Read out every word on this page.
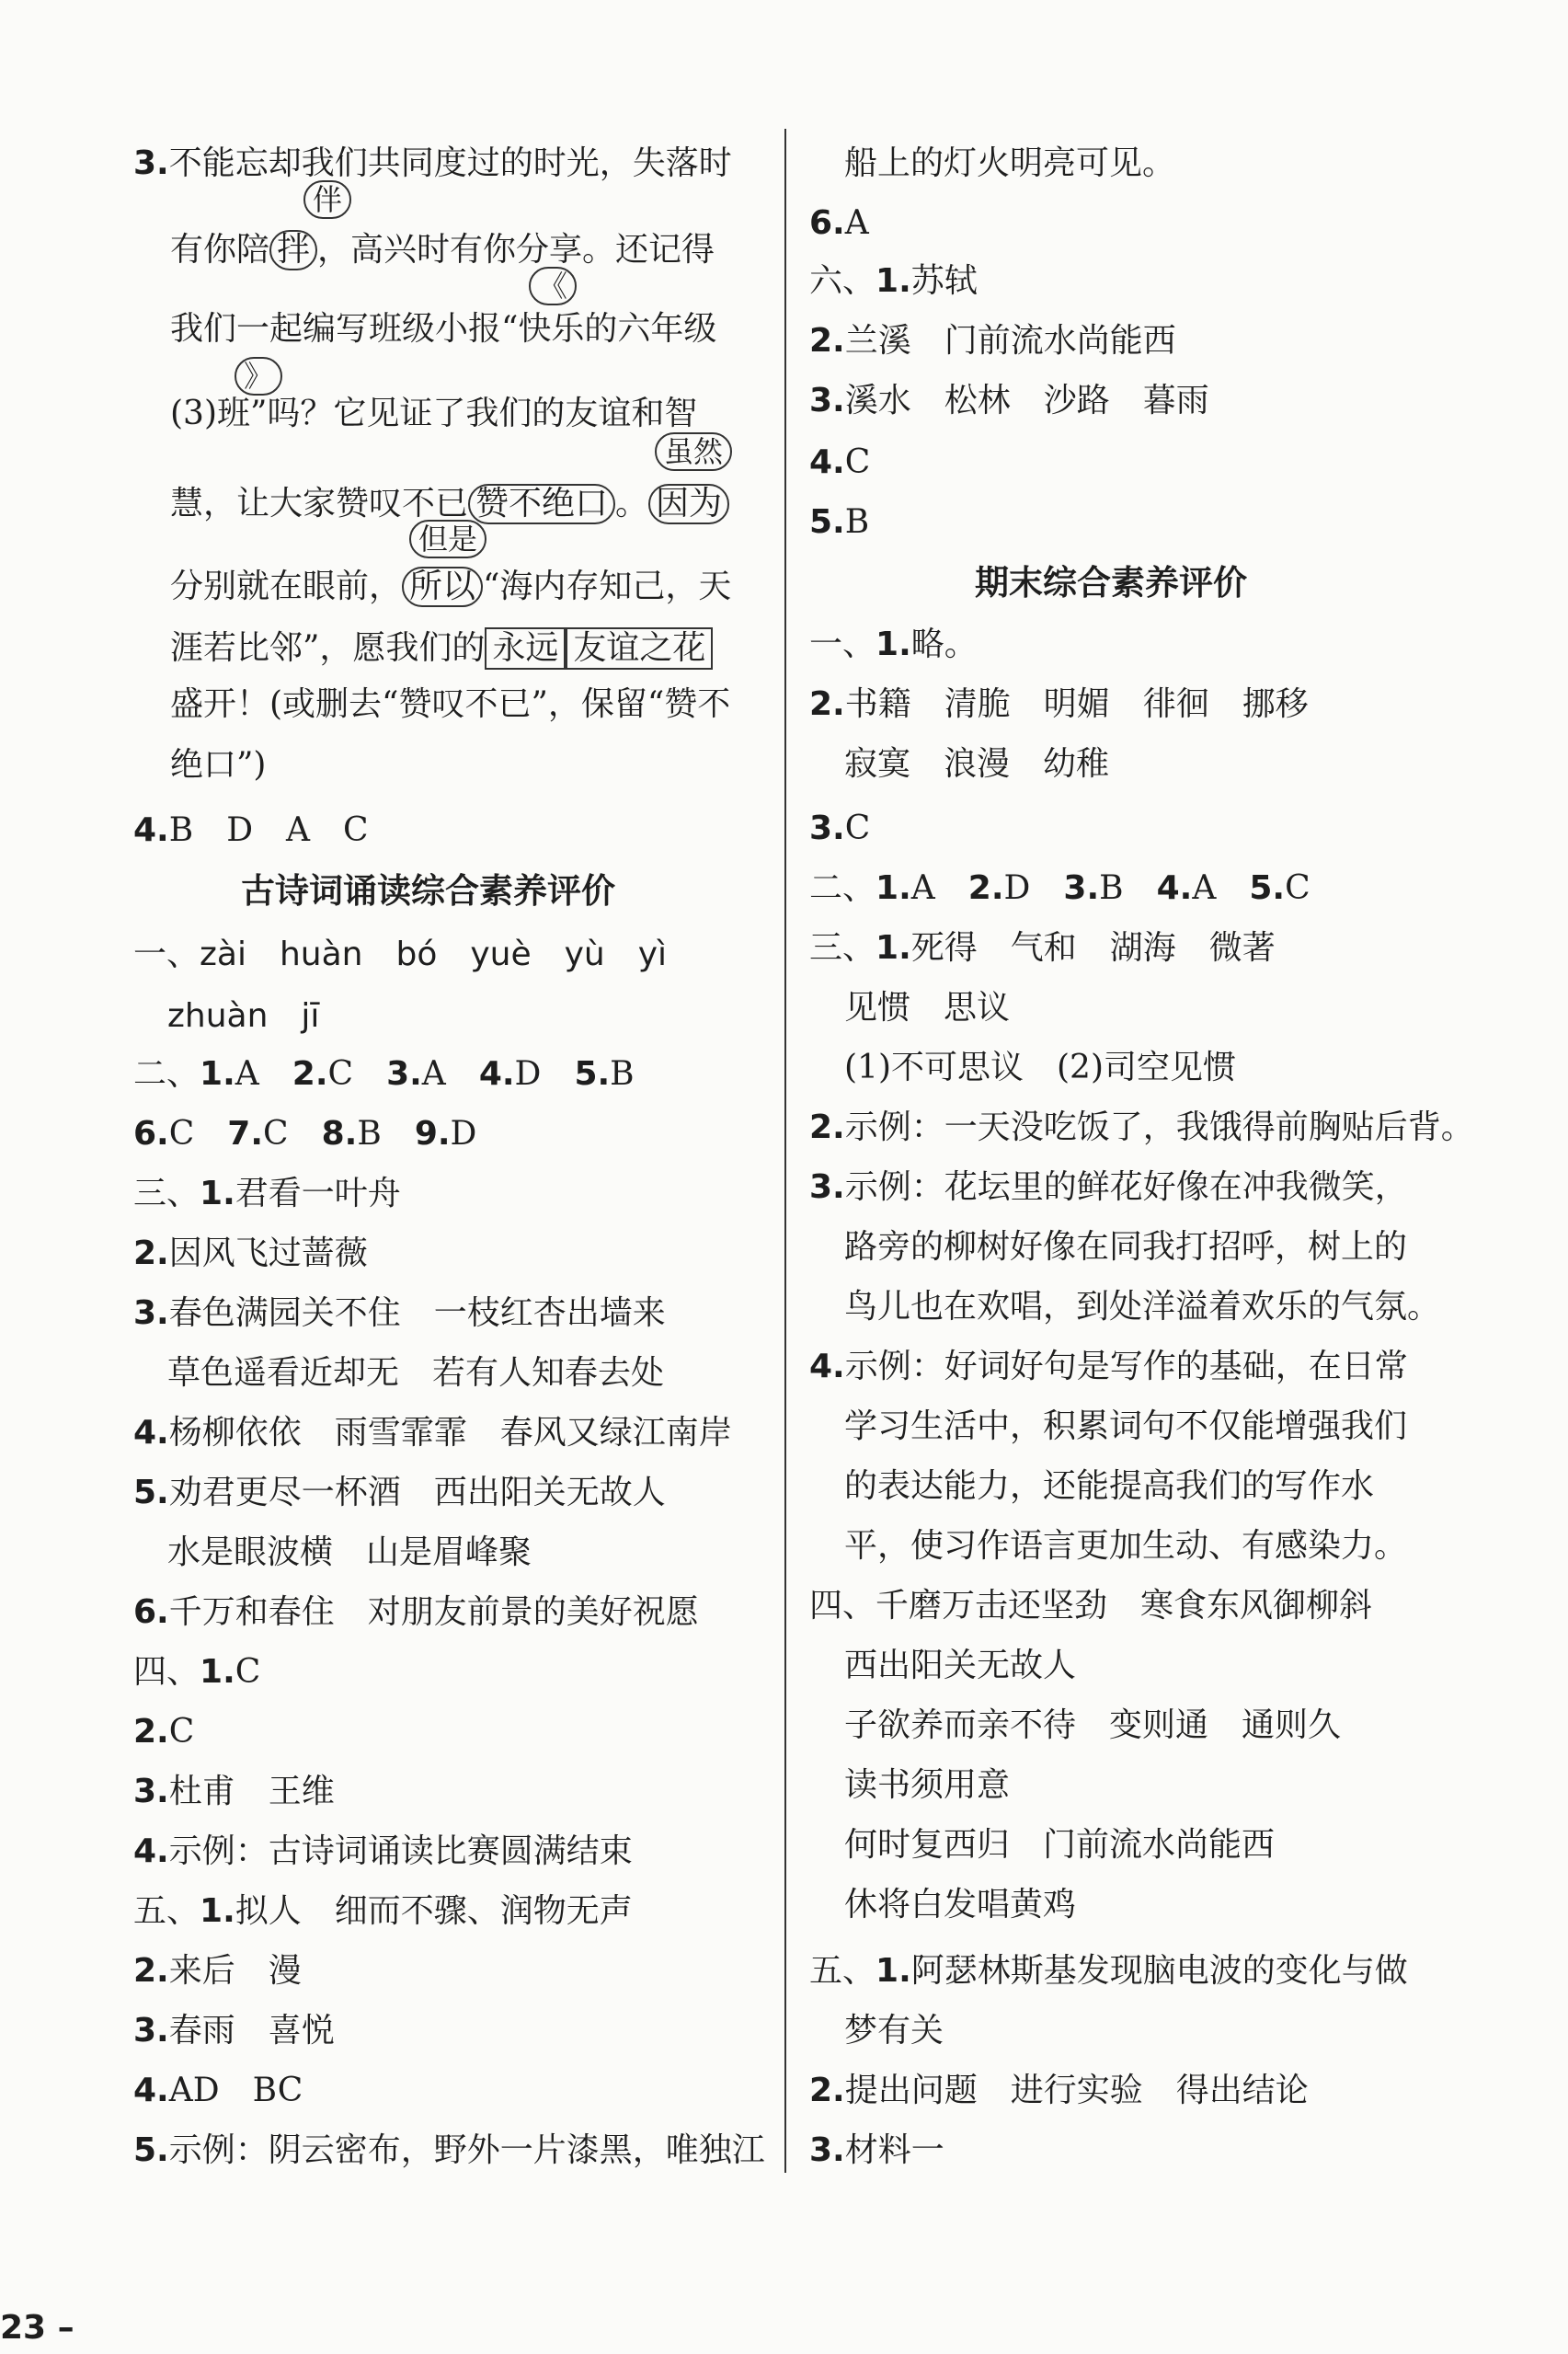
3.不能忘却我们共同度过的时光，失落时
伴
有你陪 拌 ，高兴时有你分享。还记得
《
我们一起编写班级小报“快乐的六年级
》
(3)班”吗？它见证了我们的友谊和智
虽然
慧，让大家赞叹不已 赞不绝口 。 因为
但是
分别就在眼前， 所以 “海内存知己，天
涯若比邻”，愿我们的 永远 友谊之花
盛开！(或删去“赞叹不已”，保留“赞不
绝口”)
4.B　D　A　C
古诗词诵读综合素养评价
一、zài　huàn　bó　yuè　yù　yì
zhuàn　jī
二、1.A　 2.C　 3.A　 4.D　 5.B
6.C　 7.C　 8.B　 9.D
三、1.君看一叶舟
2.因风飞过蔷薇
3.春色满园关不住　一枝红杏出墙来
草色遥看近却无　若有人知春去处
4.杨柳依依　雨雪霏霏　春风又绿江南岸
5.劝君更尽一杯酒　西出阳关无故人
水是眼波横　山是眉峰聚
6.千万和春住　对朋友前景的美好祝愿
四、1.C
2.C
3.杜甫　王维
4.示例：古诗词诵读比赛圆满结束
五、1.拟人　细而不骤、润物无声
2.来后　漫
3.春雨　喜悦
4.AD　BC
5.示例：阴云密布，野外一片漆黑，唯独江
船上的灯火明亮可见。
6.A
六、1.苏轼
2.兰溪　门前流水尚能西
3.溪水　松林　沙路　暮雨
4.C
5.B
期末综合素养评价
一、1.略。
2.书籍　清脆　明媚　徘徊　挪移
寂寞　浪漫　幼稚
3.C
二、1.A　 2.D　 3.B　 4.A　 5.C
三、1.死得　气和　湖海　微著
见惯　思议
(1)不可思议　(2)司空见惯
2.示例：一天没吃饭了，我饿得前胸贴后背。
3.示例：花坛里的鲜花好像在冲我微笑，
路旁的柳树好像在同我打招呼，树上的
鸟儿也在欢唱，到处洋溢着欢乐的气氛。
4.示例：好词好句是写作的基础，在日常
学习生活中，积累词句不仅能增强我们
的表达能力，还能提高我们的写作水
平，使习作语言更加生动、有感染力。
四、千磨万击还坚劲　寒食东风御柳斜
西出阳关无故人
子欲养而亲不待　变则通　通则久
读书须用意
何时复西归　门前流水尚能西
休将白发唱黄鸡
五、1.阿瑟林斯基发现脑电波的变化与做
梦有关
2.提出问题　进行实验　得出结论
3.材料一
23 –
